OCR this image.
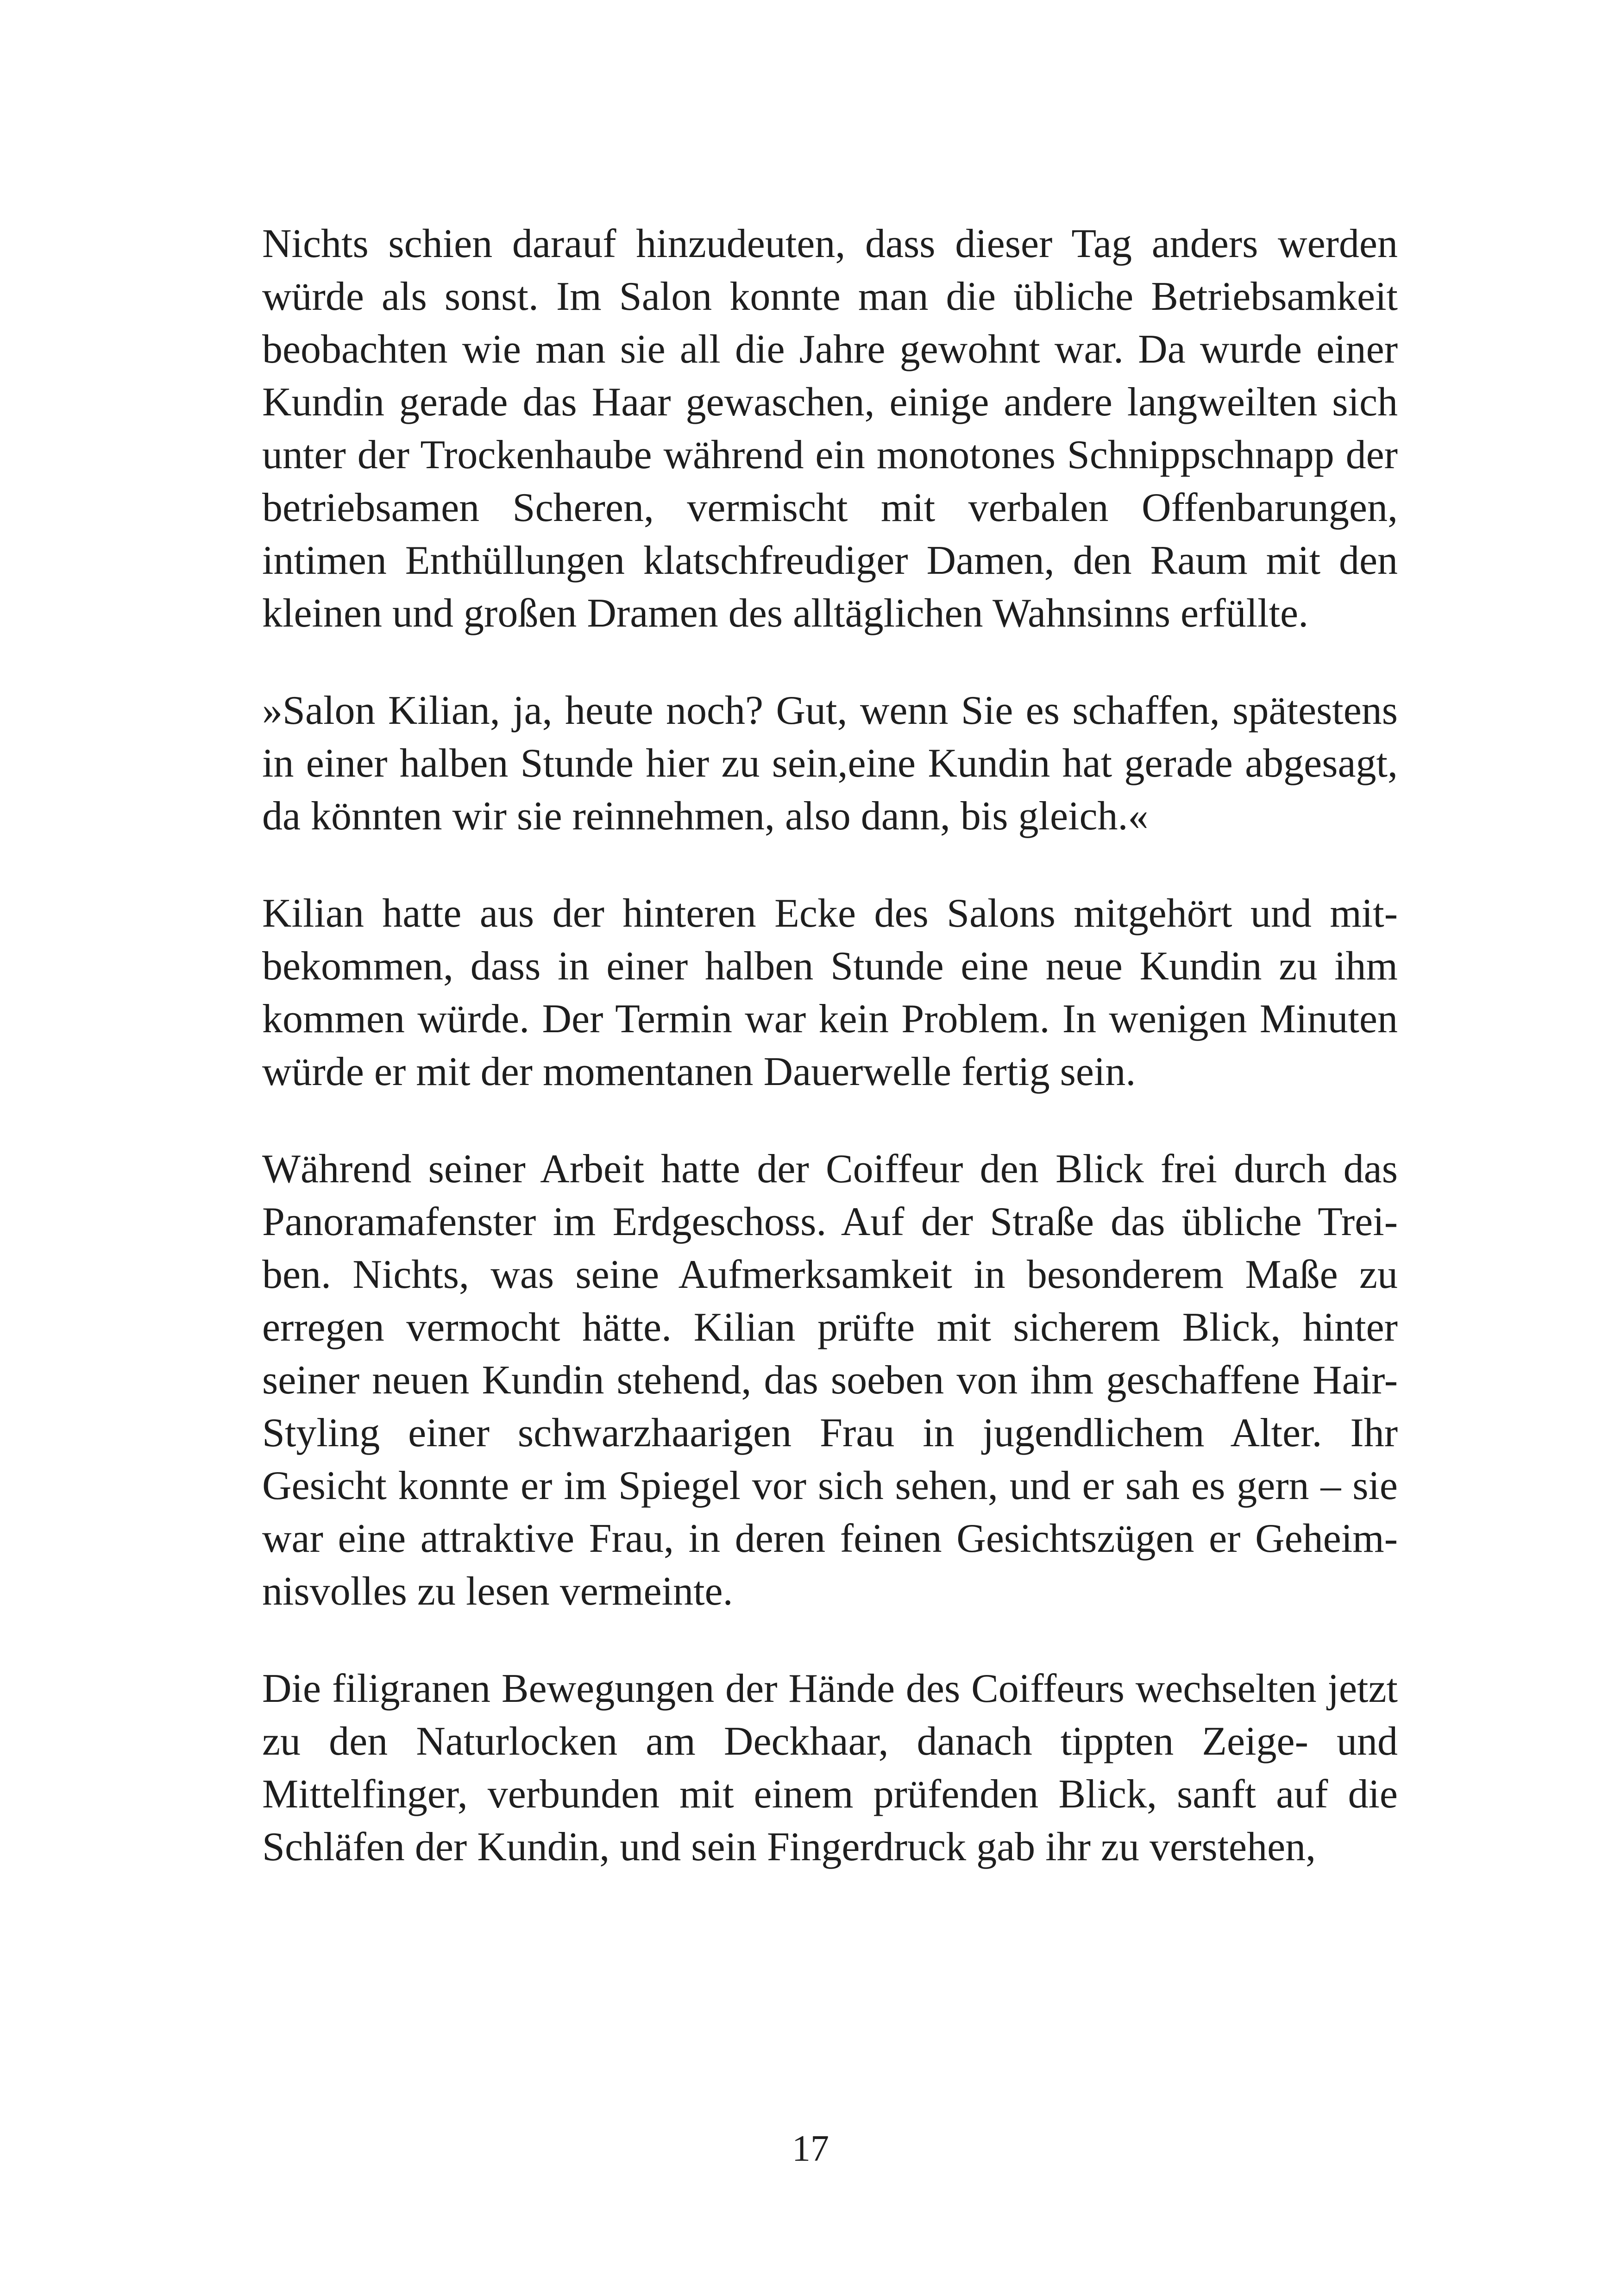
Nichts schien darauf hinzudeuten, dass dieser Tag anders werden würde als sonst. Im Salon konnte man die übliche Betriebsamkeit beobachten wie man sie all die Jahre gewohnt war. Da wurde einer Kundin gerade das Haar gewaschen, einige andere langweilten sich unter der Trockenhaube während ein monotones Schnippschnapp der betriebsamen Scheren, vermischt mit verbalen Offenbarungen, intimen Enthüllungen klatschfreudiger Damen, den Raum mit den kleinen und großen Dramen des alltäglichen Wahnsinns erfüllte.

»Salon Kilian, ja, heute noch? Gut, wenn Sie es schaffen, spätestens in einer halben Stunde hier zu sein,eine Kundin hat gerade abgesagt, da könnten wir sie reinnehmen, also dann, bis gleich.«

Kilian hatte aus der hinteren Ecke des Salons mitgehört und mitbekommen, dass in einer halben Stunde eine neue Kundin zu ihm kommen würde. Der Termin war kein Problem. In wenigen Minuten würde er mit der momentanen Dauerwelle fertig sein.

Während seiner Arbeit hatte der Coiffeur den Blick frei durch das Panoramafenster im Erdgeschoss. Auf der Straße das übliche Treiben. Nichts, was seine Aufmerksamkeit in besonderem Maße zu erregen vermocht hätte. Kilian prüfte mit sicherem Blick, hinter seiner neuen Kundin stehend, das soeben von ihm geschaffene Hair-Styling einer schwarzhaarigen Frau in jugendlichem Alter. Ihr Gesicht konnte er im Spiegel vor sich sehen, und er sah es gern – sie war eine attraktive Frau, in deren feinen Gesichtszügen er Geheimnisvolles zu lesen vermeinte.

Die filigranen Bewegungen der Hände des Coiffeurs wechselten jetzt zu den Naturlocken am Deckhaar, danach tippten Zeige- und Mittelfinger, verbunden mit einem prüfenden Blick, sanft auf die Schläfen der Kundin, und sein Fingerdruck gab ihr zu verstehen,

17
